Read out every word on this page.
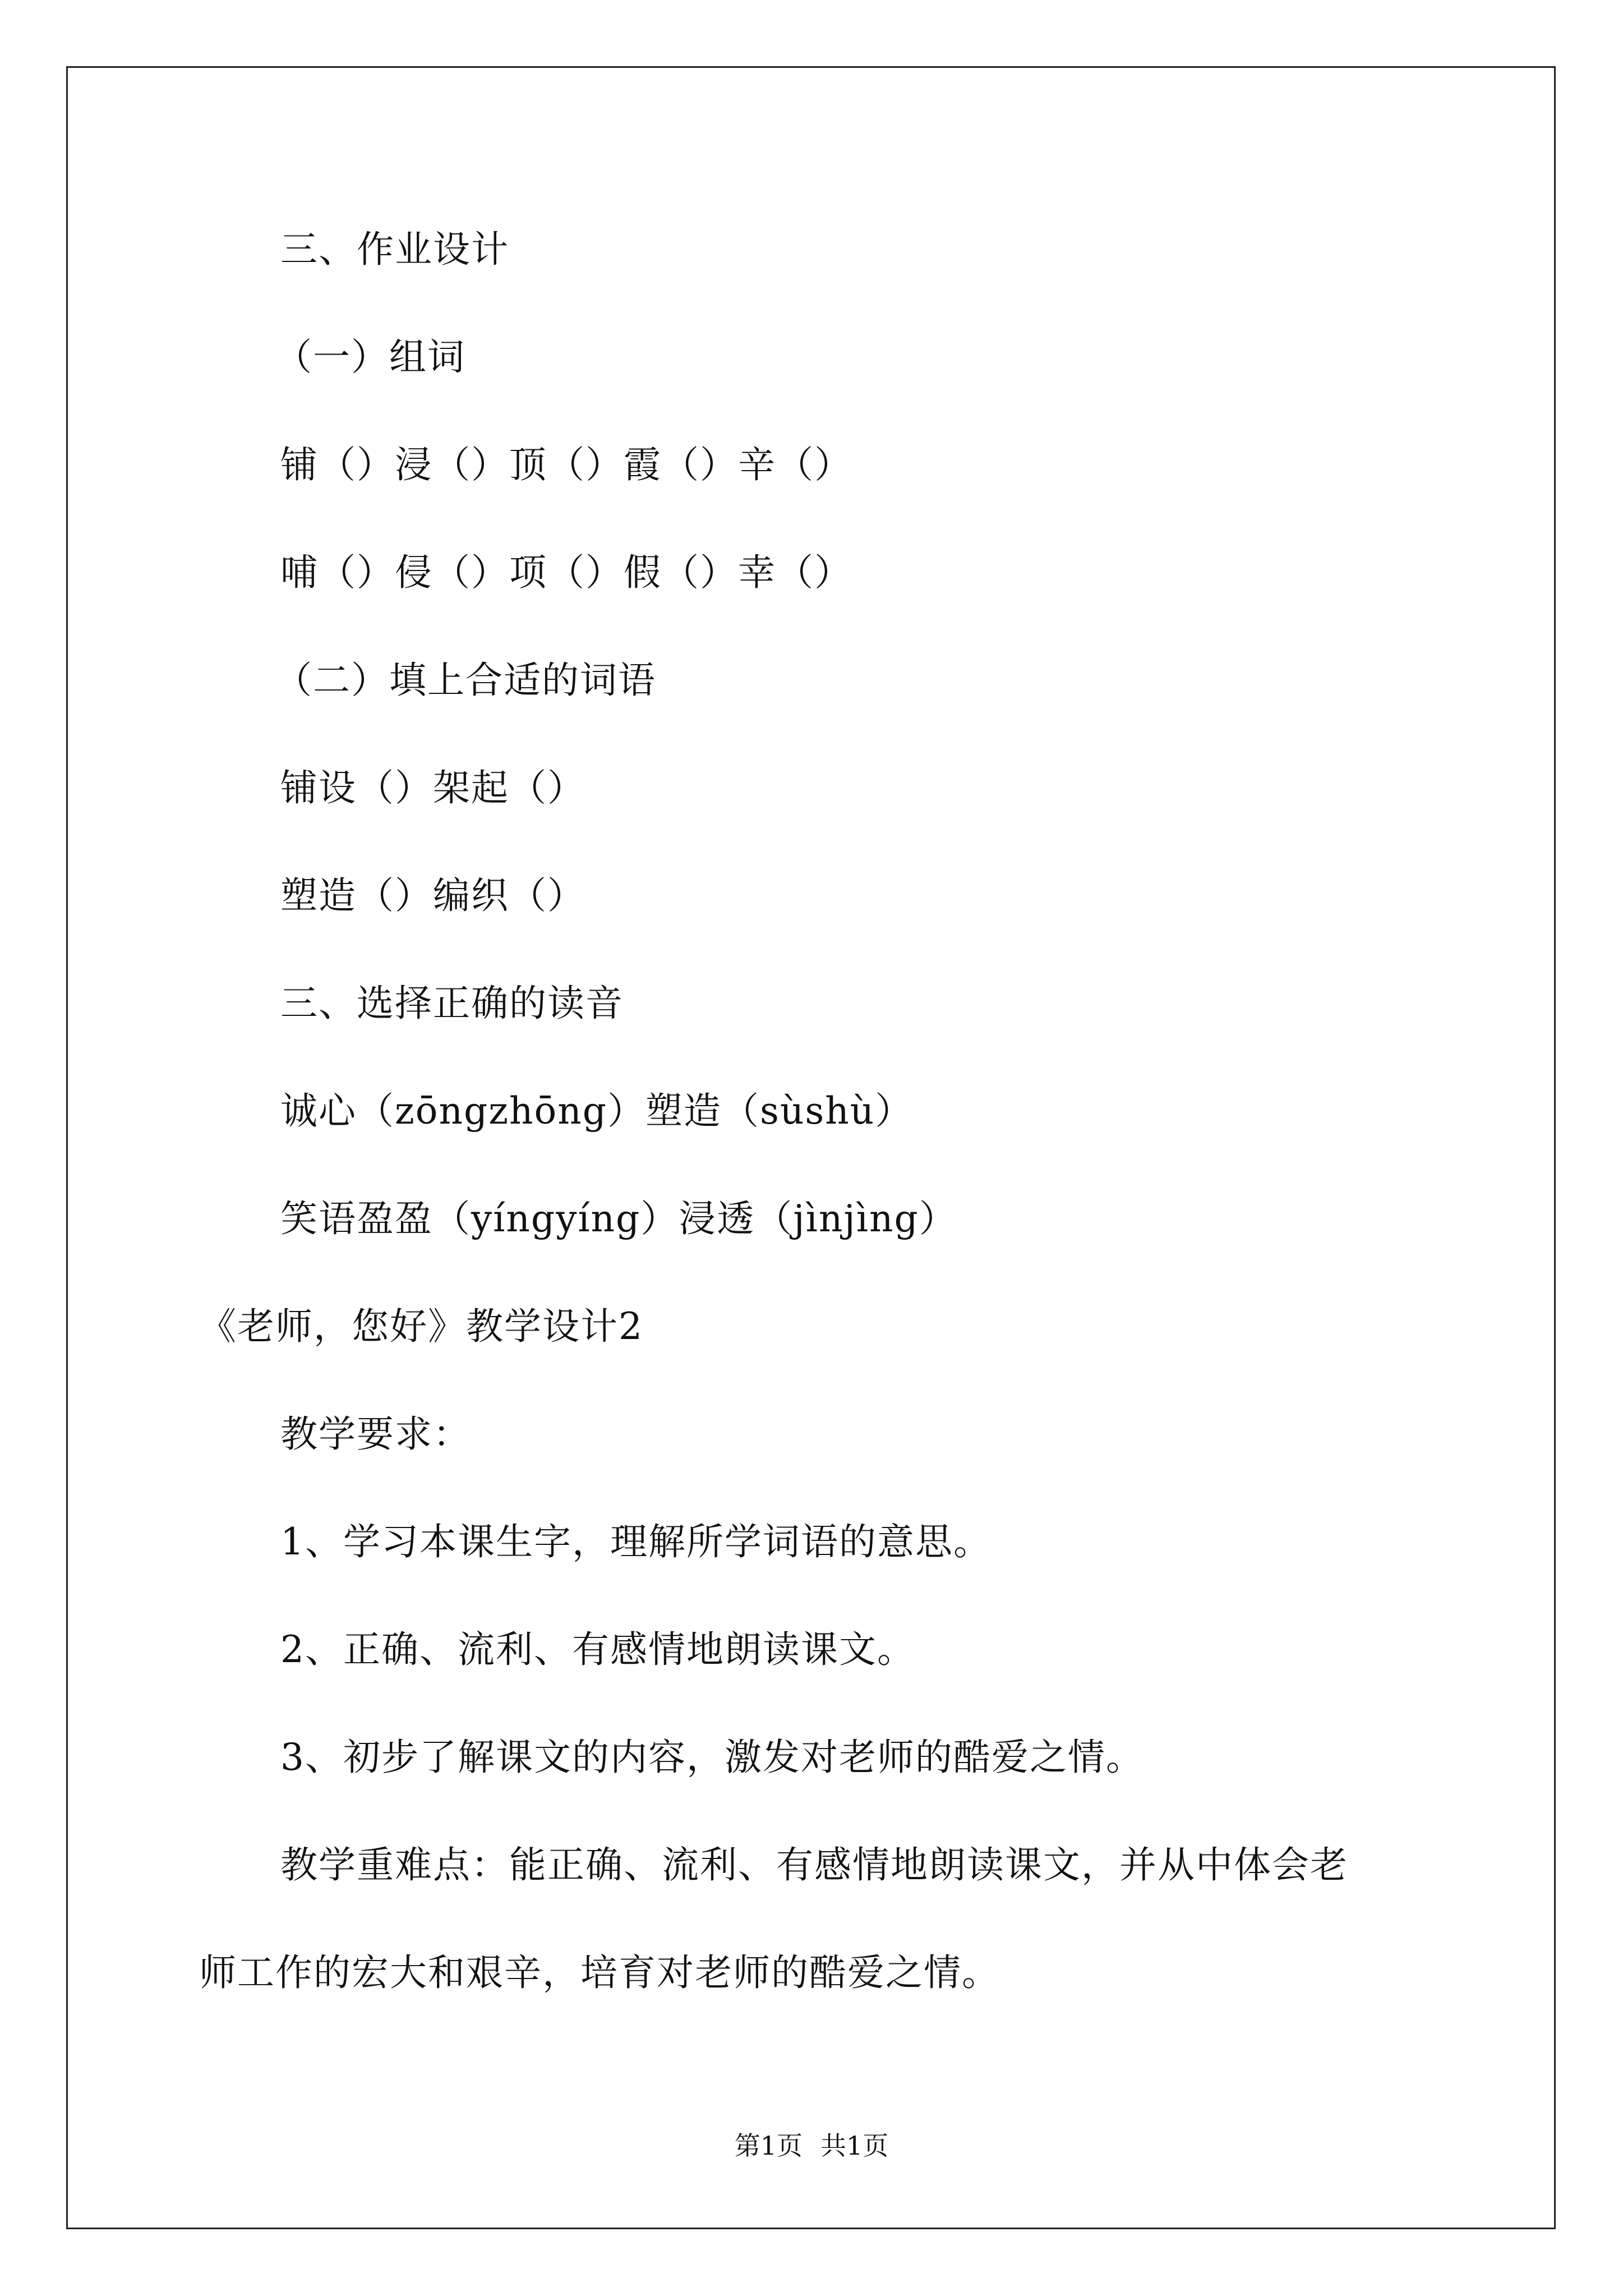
三、作业设计
（一）组词
铺（）浸（）顶（）霞（）辛（）
哺（）侵（）项（）假（）幸（）
（二）填上合适的词语
铺设（）架起（）
塑造（）编织（）
三、选择正确的读音
诚心（zōngzhōng）塑造（sùshù）
笑语盈盈（yíngyíng）浸透（jìnjìng）
《老师，您好》教学设计2
教学要求：
1、学习本课生字，理解所学词语的意思。
2、正确、流利、有感情地朗读课文。
3、初步了解课文的内容，激发对老师的酷爱之情。
教学重难点：能正确、流利、有感情地朗读课文，并从中体会老
师工作的宏大和艰辛，培育对老师的酷爱之情。
第1页 共1页
